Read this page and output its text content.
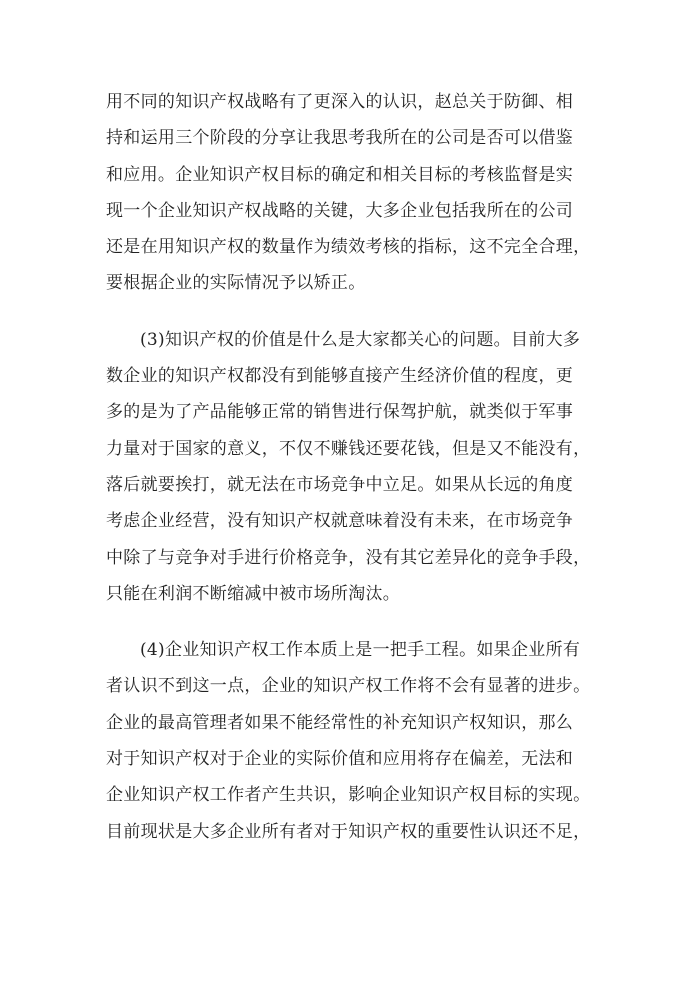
用不同的知识产权战略有了更深入的认识，赵总关于防御、相
持和运用三个阶段的分享让我思考我所在的公司是否可以借鉴
和应用。企业知识产权目标的确定和相关目标的考核监督是实
现一个企业知识产权战略的关键，大多企业包括我所在的公司
还是在用知识产权的数量作为绩效考核的指标，这不完全合理，
要根据企业的实际情况予以矫正。
(3)知识产权的价值是什么是大家都关心的问题。目前大多
数企业的知识产权都没有到能够直接产生经济价值的程度，更
多的是为了产品能够正常的销售进行保驾护航，就类似于军事
力量对于国家的意义，不仅不赚钱还要花钱，但是又不能没有，
落后就要挨打，就无法在市场竞争中立足。如果从长远的角度
考虑企业经营，没有知识产权就意味着没有未来，在市场竞争
中除了与竞争对手进行价格竞争，没有其它差异化的竞争手段，
只能在利润不断缩减中被市场所淘汰。
(4)企业知识产权工作本质上是一把手工程。如果企业所有
者认识不到这一点，企业的知识产权工作将不会有显著的进步。
企业的最高管理者如果不能经常性的补充知识产权知识，那么
对于知识产权对于企业的实际价值和应用将存在偏差，无法和
企业知识产权工作者产生共识，影响企业知识产权目标的实现。
目前现状是大多企业所有者对于知识产权的重要性认识还不足，
